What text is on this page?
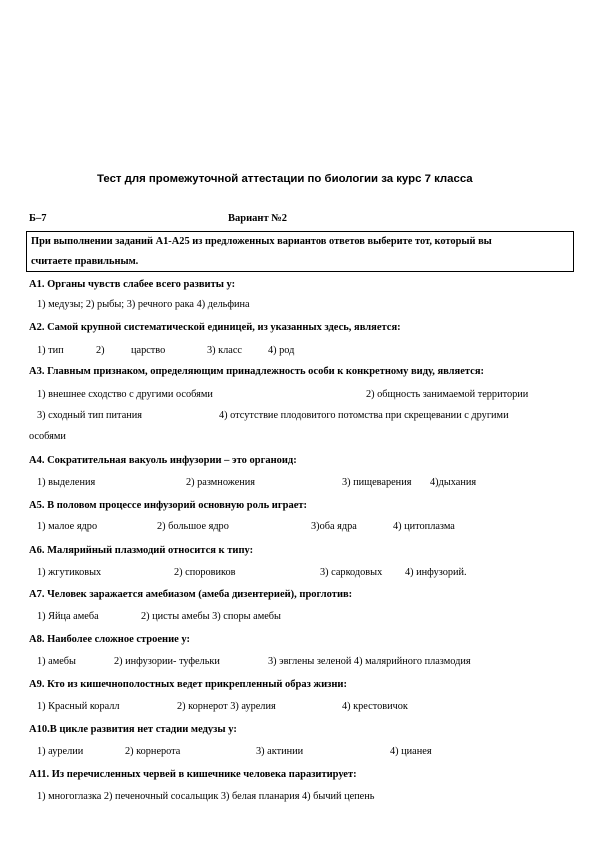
Тест для промежуточной аттестации по биологии за курс 7 класса
Б–7	Вариант №2
При выполнении заданий А1-А25 из предложенных вариантов ответов выберите тот, который вы
считаете правильным.
А1. Органы чувств слабее всего развиты у:
1) медузы; 2) рыбы; 3) речного рака 4) дельфина
А2. Самой крупной систематической единицей, из указанных здесь, является:
1) тип	2)	царство	3) класс	4) род
А3. Главным признаком, определяющим принадлежность особи к конкретному виду, является:
1) внешнее сходство с другими особями	2) общность занимаемой территории
3) сходный тип питания	4) отсутствие плодовитого потомства при скрещевании с другими
особями
А4. Сократительная вакуоль инфузории – это органоид:
1) выделения	2) размножения	3) пищеварения 4)дыхания
А5. В половом процессе инфузорий основную роль играет:
1) малое ядро	2) большое ядро	3)оба ядра	4) цитоплазма
А6. Малярийный плазмодий относится к типу:
1) жгутиковых	2) споровиков	3) саркодовых 4) инфузорий.
А7. Человек заражается амебиазом (амеба дизентерией), проглотив:
1) Яйца амеба	2) цисты амебы 3) споры амебы
А8. Наиболее сложное строение у:
1) амебы	2) инфузории- туфельки	3) эвглены зеленой 4) малярийного плазмодия
А9. Кто из кишечнополостных ведет прикрепленный образ жизни:
1) Красный коралл	2) корнерот 3) аурелия	4) крестовичок
А10.В цикле развития нет стадии медузы у:
1) аурелии	2) корнерота	3) актинии	4) цианея
А11. Из перечисленных червей в кишечнике человека паразитирует:
1) многоглазка 2) печеночный сосальщик 3) белая планария 4) бычий цепень
